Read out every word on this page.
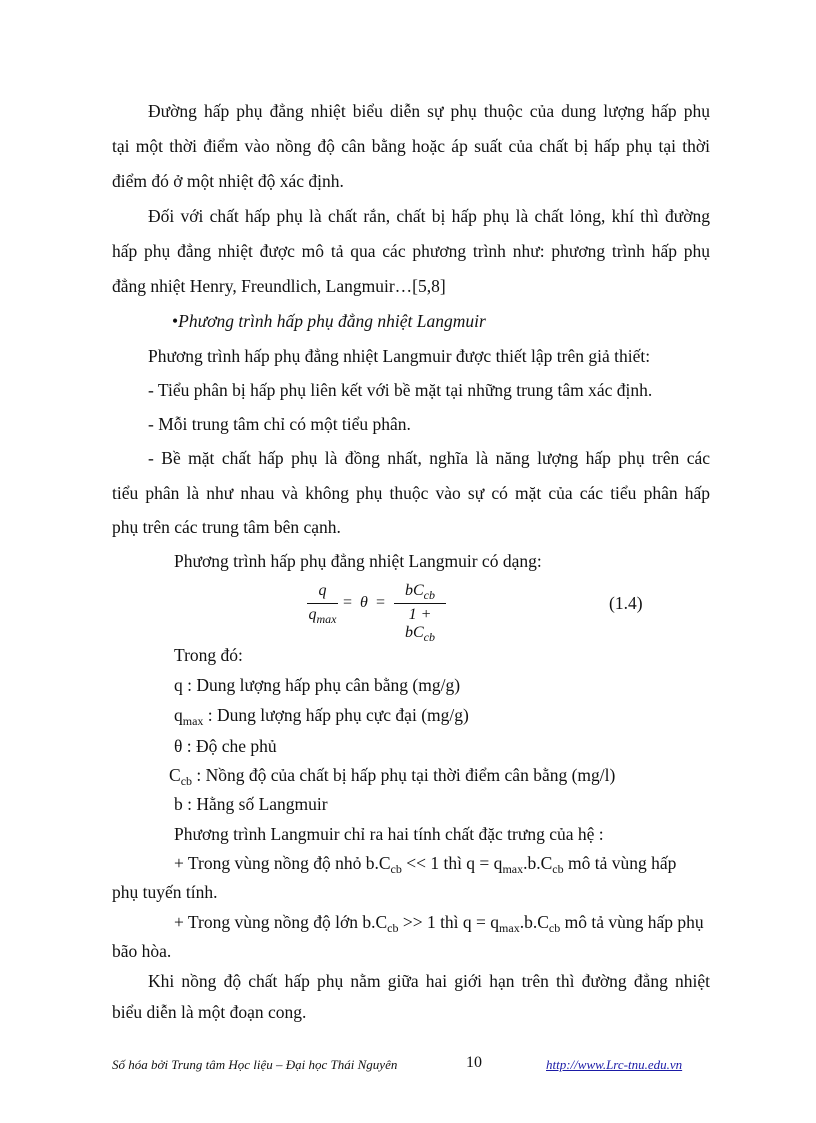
Đường hấp phụ đẳng nhiệt biểu diễn sự phụ thuộc của dung lượng hấp phụ
tại một thời điểm vào nồng độ cân bằng hoặc áp suất của chất bị hấp phụ tại thời
điểm đó ở một nhiệt độ xác định.
Đối với chất hấp phụ là chất rắn, chất bị hấp phụ là chất lỏng, khí thì đường
hấp phụ đẳng nhiệt được mô tả qua các phương trình như: phương trình hấp phụ
đẳng nhiệt Henry, Freundlich, Langmuir…[5,8]
•Phương trình hấp phụ đẳng nhiệt Langmuir
Phương trình hấp phụ đẳng nhiệt Langmuir được thiết lập trên giả thiết:
- Tiểu phân bị hấp phụ liên kết với bề mặt tại những trung tâm xác định.
- Mỗi trung tâm chỉ có một tiểu phân.
- Bề mặt chất hấp phụ là đồng nhất, nghĩa là năng lượng hấp phụ trên các
tiểu phân là như nhau và không phụ thuộc vào sự có mặt của các tiểu phân hấp
phụ trên các trung tâm bên cạnh.
Phương trình hấp phụ đẳng nhiệt Langmuir có dạng:
q
$q_{max}$
= θ =
$bC_{cb}$
$1 + bC_{cb}$
(1.4)
Trong đó:
q : Dung lượng hấp phụ cân bằng (mg/g)
$q_{max}$ : Dung lượng hấp phụ cực đại (mg/g)
θ : Độ che phủ
$C_{cb}$ : Nồng độ của chất bị hấp phụ tại thời điểm cân bằng (mg/l)
b : Hằng số Langmuir
Phương trình Langmuir chỉ ra hai tính chất đặc trưng của hệ :
+ Trong vùng nồng độ nhỏ $b.C_{cb} << 1$ thì $q = q_{max}.b.C_{cb}$ mô tả vùng hấp
phụ tuyến tính.
+ Trong vùng nồng độ lớn $b.C_{cb} >> 1$ thì $q = q_{max}.b.C_{cb}$ mô tả vùng hấp phụ
bão hòa.
Khi nồng độ chất hấp phụ nằm giữa hai giới hạn trên thì đường đẳng nhiệt
biểu diễn là một đoạn cong.
Số hóa bởi Trung tâm Học liệu – Đại học Thái Nguyên	10	http://www.Lrc-tnu.edu.vn
